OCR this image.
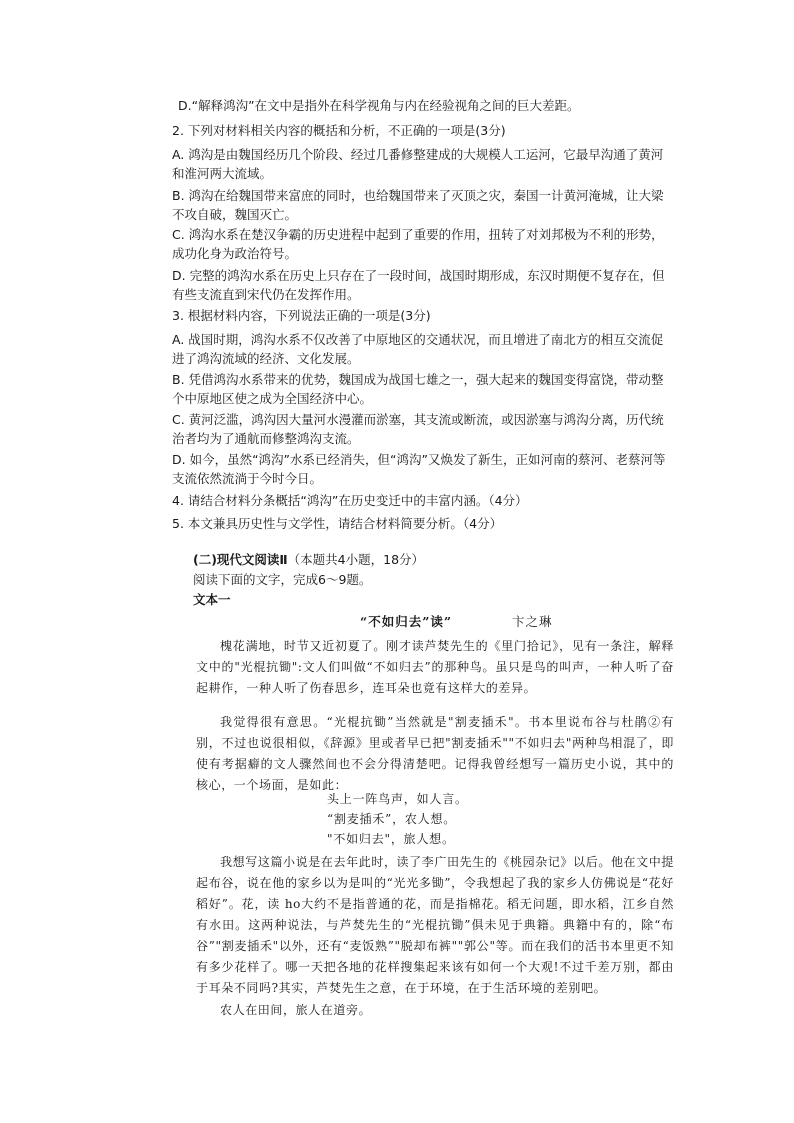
D.“解释鸿沟”在文中是指外在科学视角与内在经验视角之间的巨大差距。

2. 下列对材料相关内容的概括和分析，不正确的一项是(3分)

A. 鸿沟是由魏国经历几个阶段、经过几番修整建成的大规模人工运河，它最早沟通了黄河和淮河两大流域。

B. 鸿沟在给魏国带来富庶的同时，也给魏国带来了灭顶之灾，秦国一计黄河淹城，让大梁不攻自破，魏国灭亡。

C. 鸿沟水系在楚汉争霸的历史进程中起到了重要的作用，扭转了对刘邦极为不利的形势，成功化身为政治符号。

D. 完整的鸿沟水系在历史上只存在了一段时间，战国时期形成，东汉时期便不复存在，但有些支流直到宋代仍在发挥作用。

3. 根据材料内容，下列说法正确的一项是(3分)

A. 战国时期，鸿沟水系不仅改善了中原地区的交通状况，而且增进了南北方的相互交流促进了鸿沟流域的经济、文化发展。

B. 凭借鸿沟水系带来的优势，魏国成为战国七雄之一，强大起来的魏国变得富饶，带动整个中原地区使之成为全国经济中心。

C. 黄河泛滥，鸿沟因大量河水漫灌而淤塞，其支流或断流，或因淤塞与鸿沟分离，历代统治者均为了通航而修整鸿沟支流。

D. 如今，虽然“鸿沟”水系已经消失，但“鸿沟”又焕发了新生，正如河南的蔡河、老蔡河等支流依然流淌于今时今日。

4. 请结合材料分条概括“鸿沟”在历史变迁中的丰富内涵。（4分）

5. 本文兼具历史性与文学性，请结合材料简要分析。（4分）

(二)现代文阅读Ⅱ（本题共4小题，18分）

阅读下面的文字，完成6～9题。

文本一

“不如归去”读”	卞之琳

槐花满地，时节又近初夏了。刚才读芦焚先生的《里门拾记》，见有一条注，解释文中的"光棍抗锄":文人们叫做“不如归去”的那种鸟。虽只是鸟的叫声，一种人听了奋起耕作，一种人听了伤春思乡，连耳朵也竟有这样大的差异。

我觉得很有意思。“光棍抗锄”当然就是"割麦插禾"。书本里说布谷与杜鹃②有别，不过也说很相似，《辞源》里或者早已把"割麦插禾""不如归去"两种鸟相混了，即使有考据癖的文人骤然间也不会分得清楚吧。记得我曾经想写一篇历史小说，其中的核心，一个场面，是如此：

头上一阵鸟声，如人言。

“割麦插禾”，农人想。

"不如归去"，旅人想。

我想写这篇小说是在去年此时，读了李广田先生的《桃园杂记》以后。他在文中提起布谷，说在他的家乡以为是叫的“光光多锄”，令我想起了我的家乡人仿佛说是“花好稻好”。花，读 ho大约不是指普通的花，而是指棉花。稻无问题，即水稻，江乡自然有水田。这两种说法，与芦焚先生的“光棍抗锄”俱未见于典籍。典籍中有的，除“布谷”"割麦插禾"以外，还有“麦饭熟”"脱却布裤""郭公"等。而在我们的活书本里更不知有多少花样了。哪一天把各地的花样搜集起来该有如何一个大观!不过千差万别，都由于耳朵不同吗?其实，芦焚先生之意，在于环境，在于生活环境的差别吧。

农人在田间，旅人在道旁。
